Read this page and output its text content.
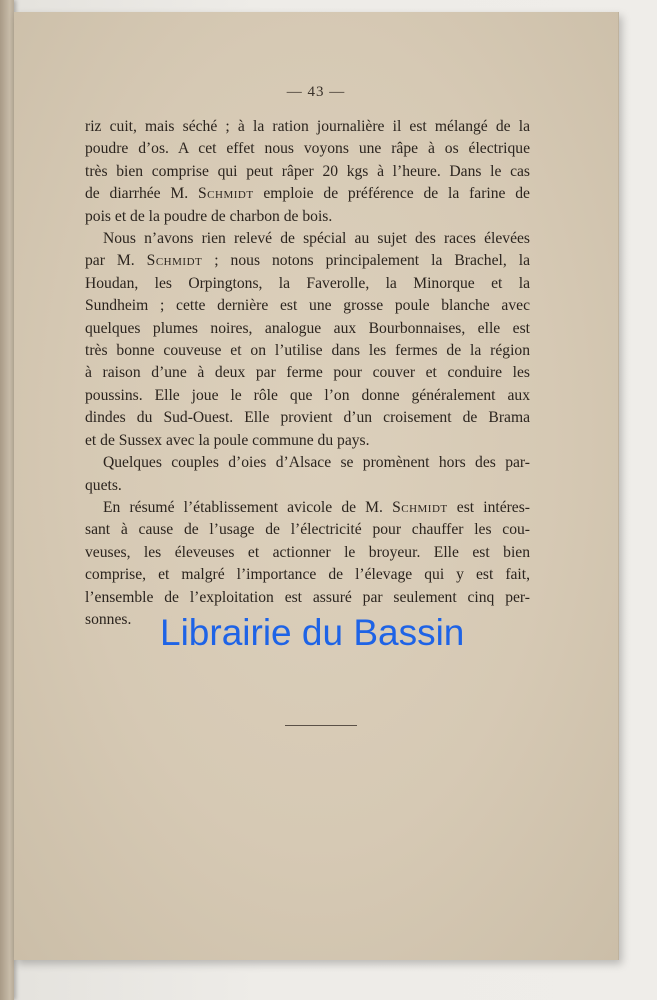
— 43 —
riz cuit, mais séché ; à la ration journalière il est mélangé de la
poudre d’os. A cet effet nous voyons une râpe à os électrique
très bien comprise qui peut râper 20 kgs à l’heure. Dans le cas
de diarrhée M. Schmidt emploie de préférence de la farine de
pois et de la poudre de charbon de bois.
Nous n’avons rien relevé de spécial au sujet des races élevées
par M. Schmidt ; nous notons principalement la Brachel, la
Houdan, les Orpingtons, la Faverolle, la Minorque et la
Sundheim ; cette dernière est une grosse poule blanche avec
quelques plumes noires, analogue aux Bourbonnaises, elle est
très bonne couveuse et on l’utilise dans les fermes de la région
à raison d’une à deux par ferme pour couver et conduire les
poussins. Elle joue le rôle que l’on donne généralement aux
dindes du Sud-Ouest. Elle provient d’un croisement de Brama
et de Sussex avec la poule commune du pays.
Quelques couples d’oies d’Alsace se promènent hors des par-
quets.
En résumé l’établissement avicole de M. Schmidt est intéres-
sant à cause de l’usage de l’électricité pour chauffer les cou-
veuses, les éleveuses et actionner le broyeur. Elle est bien
comprise, et malgré l’importance de l’élevage qui y est fait,
l’ensemble de l’exploitation est assuré par seulement cinq per-
sonnes. Librairie du Bassin
